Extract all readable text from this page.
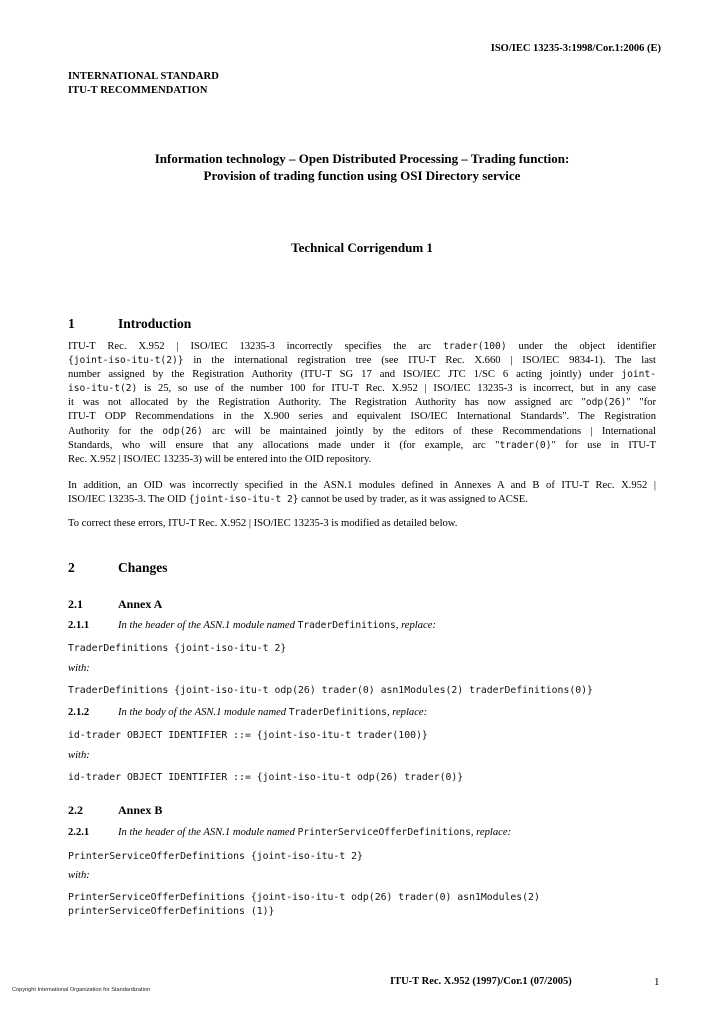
ISO/IEC 13235-3:1998/Cor.1:2006 (E)
INTERNATIONAL STANDARD
ITU-T RECOMMENDATION
Information technology – Open Distributed Processing – Trading function:
Provision of trading function using OSI Directory service
Technical Corrigendum 1
1	Introduction
ITU-T Rec. X.952 | ISO/IEC 13235-3 incorrectly specifies the arc trader(100) under the object identifier
{joint-iso-itu-t(2)} in the international registration tree (see ITU-T Rec. X.660 | ISO/IEC 9834-1). The last
number assigned by the Registration Authority (ITU-T SG 17 and ISO/IEC JTC 1/SC 6 acting jointly) under joint-
iso-itu-t(2) is 25, so use of the number 100 for ITU-T Rec. X.952 | ISO/IEC 13235-3 is incorrect, but in any case
it was not allocated by the Registration Authority. The Registration Authority has now assigned arc "odp(26)" "for
ITU-T ODP Recommendations in the X.900 series and equivalent ISO/IEC International Standards". The Registration
Authority for the odp(26) arc will be maintained jointly by the editors of these Recommendations | International
Standards, who will ensure that any allocations made under it (for example, arc "trader(0)" for use in ITU-T
Rec. X.952 | ISO/IEC 13235-3) will be entered into the OID repository.
In addition, an OID was incorrectly specified in the ASN.1 modules defined in Annexes A and B of ITU-T Rec. X.952 |
ISO/IEC 13235-3. The OID {joint-iso-itu-t 2} cannot be used by trader, as it was assigned to ACSE.
To correct these errors, ITU-T Rec. X.952 | ISO/IEC 13235-3 is modified as detailed below.
2	Changes
2.1	Annex A
2.1.1	In the header of the ASN.1 module named TraderDefinitions, replace:
TraderDefinitions {joint-iso-itu-t 2}
with:
TraderDefinitions {joint-iso-itu-t odp(26) trader(0) asn1Modules(2) traderDefinitions(0)}
2.1.2	In the body of the ASN.1 module named TraderDefinitions, replace:
id-trader OBJECT IDENTIFIER ::= {joint-iso-itu-t trader(100)}
with:
id-trader OBJECT IDENTIFIER ::= {joint-iso-itu-t odp(26) trader(0)}
2.2	Annex B
2.2.1	In the header of the ASN.1 module named PrinterServiceOfferDefinitions, replace:
PrinterServiceOfferDefinitions {joint-iso-itu-t 2}
with:
PrinterServiceOfferDefinitions {joint-iso-itu-t odp(26) trader(0) asn1Modules(2)
printerServiceOfferDefinitions (1)}
ITU-T Rec. X.952 (1997)/Cor.1 (07/2005)	1
Copyright International Organization for Standardization
